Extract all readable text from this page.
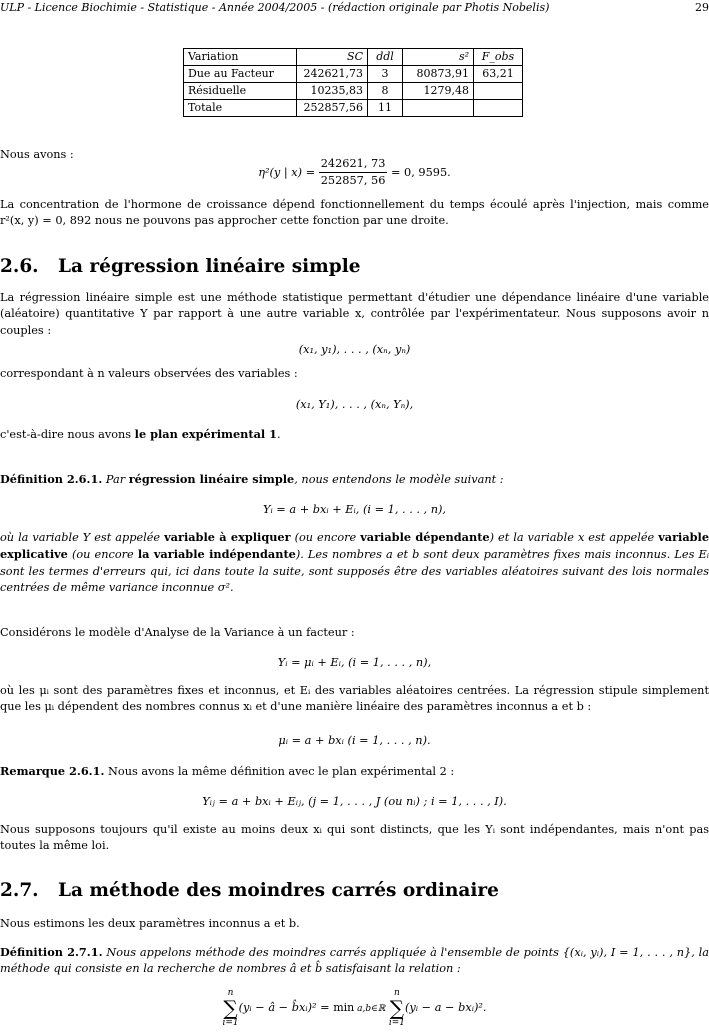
ULP - Licence Biochimie - Statistique - Année 2004/2005 - (rédaction originale par Photis Nobelis)	29
Variation	SC	ddl	s²	F_obs
Due au Facteur	242621,73	3	80873,91	63,21
Résiduelle	10235,83	8	1279,48	
Totale	252857,56	11		
Nous avons :
η²(y | $x) = \frac{242621, 73}{252857, 56} = 0$, 9595.
La concentration de l'hormone de croissance dépend fonctionnellement du temps écoulé après l'injection, mais comme r²(x, y) = 0, 892 nous ne pouvons pas approcher cette fonction par une droite.
2.6. La régression linéaire simple
La régression linéaire simple est une méthode statistique permettant d'étudier une dépendance linéaire d'une variable (aléatoire) quantitative Y par rapport à une autre variable x, contrôlée par l'expérimentateur. Nous supposons avoir n couples :
(x₁, y₁), . . . , (xₙ, yₙ)
correspondant à n valeurs observées des variables :
(x₁, Y₁), . . . , (xₙ, Yₙ),
c'est-à-dire nous avons le plan expérimental 1.
Définition 2.6.1. Par régression linéaire simple, nous entendons le modèle suivant :
Yᵢ = a + bxᵢ + Eᵢ, (i = 1, . . . , n),
où la variable Y est appelée variable à expliquer (ou encore variable dépendante) et la variable x est appelée variable explicative (ou encore la variable indépendante). Les nombres a et b sont deux paramètres fixes mais inconnus. Les Eᵢ sont les termes d'erreurs qui, ici dans toute la suite, sont supposés être des variables aléatoires suivant des lois normales centrées de même variance inconnue σ².
Considérons le modèle d'Analyse de la Variance à un facteur :
Yᵢ = μᵢ + Eᵢ, (i = 1, . . . , n),
où les μᵢ sont des paramètres fixes et inconnus, et Eᵢ des variables aléatoires centrées. La régression stipule simplement que les μᵢ dépendent des nombres connus xᵢ et d'une manière linéaire des paramètres inconnus a et b :
μᵢ = a + bxᵢ (i = 1, . . . , n).
Remarque 2.6.1. Nous avons la même définition avec le plan expérimental 2 :
Yᵢⱼ = a + bxᵢ + Eᵢⱼ, (j = 1, . . . , J (ou nᵢ) ; i = 1, . . . , I).
Nous supposons toujours qu'il existe au moins deux xᵢ qui sont distincts, que les Yᵢ sont indépendantes, mais n'ont pas toutes la même loi.
2.7. La méthode des moindres carrés ordinaire
Nous estimons les deux paramètres inconnus a et b.
Définition 2.7.1. Nous appelons méthode des moindres carrés appliquée à l'ensemble de points {(xᵢ, yᵢ), I = 1, . . . , n}, la méthode qui consiste en la recherche de nombres â et b̂ satisfaisant la relation :
n
∑
i=1(yᵢ − â − b̂xᵢ)² = min a,b∈ℝ n
∑
i=1(yᵢ − a − bxᵢ)².
